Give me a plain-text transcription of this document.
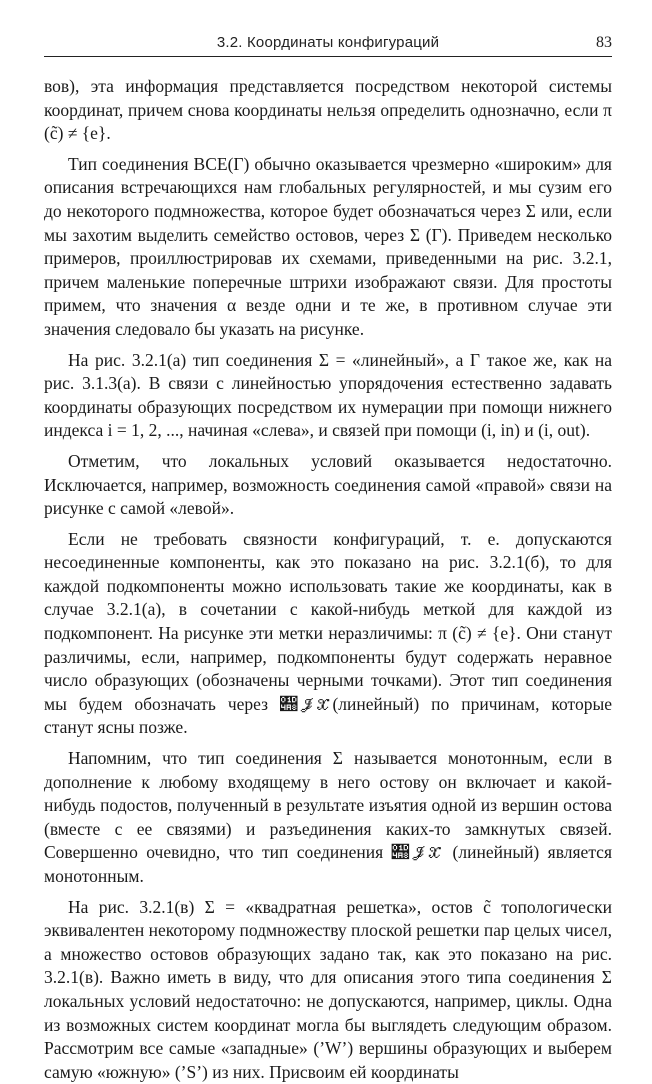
3.2. Координаты конфигураций	83

вов), эта информация представляется посредством некоторой системы координат, причем снова координаты нельзя определить однозначно, если π (c̃) ≠ {e}.

Тип соединения ВСЕ(Γ) обычно оказывается чрезмерно «широким» для описания встречающихся нам глобальных регулярностей, и мы сузим его до некоторого подмножества, которое будет обозначаться через Σ или, если мы захотим выделить семейство остовов, через Σ (Γ). Приведем несколько примеров, проиллюстрировав их схемами, приведенными на рис. 3.2.1, причем маленькие поперечные штрихи изображают связи. Для простоты примем, что значения α везде одни и те же, в противном случае эти значения следовало бы указать на рисунке.

На рис. 3.2.1(а) тип соединения Σ = «линейный», а Γ такое же, как на рис. 3.1.3(а). В связи с линейностью упорядочения естественно задавать координаты образующих посредством их нумерации при помощи нижнего индекса i = 1, 2, ..., начиная «слева», и связей при помощи (i, in) и (i, out).

Отметим, что локальных условий оказывается недостаточно. Исключается, например, возможность соединения самой «правой» связи на рисунке с самой «левой».

Если не требовать связности конфигураций, т. е. допускаются несоединенные компоненты, как это показано на рис. 3.2.1(б), то для каждой подкомпоненты можно использовать такие же координаты, как в случае 3.2.1(а), в сочетании с какой-нибудь меткой для каждой из подкомпонент. На рисунке эти метки неразличимы: π (c̃) ≠ {e}. Они станут различимы, если, например, подкомпоненты будут содержать неравное число образующих (обозначены черными точками). Этот тип соединения мы будем обозначать через 𝒨𝒥𝒳(линейный) по причинам, которые станут ясны позже.

Напомним, что тип соединения Σ называется монотонным, если в дополнение к любому входящему в него остову он включает и какой-нибудь подостов, полученный в результате изъятия одной из вершин остова (вместе с ее связями) и разъединения каких-то замкнутых связей. Совершенно очевидно, что тип соединения 𝒨𝒥𝒳 (линейный) является монотонным.

На рис. 3.2.1(в) Σ = «квадратная решетка», остов c̃ топологически эквивалентен некоторому подмножеству плоской решетки пар целых чисел, а множество остовов образующих задано так, как это показано на рис. 3.2.1(в). Важно иметь в виду, что для описания этого типа соединения Σ локальных условий недостаточно: не допускаются, например, циклы. Одна из возможных систем координат могла бы выглядеть следующим образом. Рассмотрим все самые «западные» (’W’) вершины образующих и выберем самую «южную» (’S’) из них. Присвоим ей координаты
